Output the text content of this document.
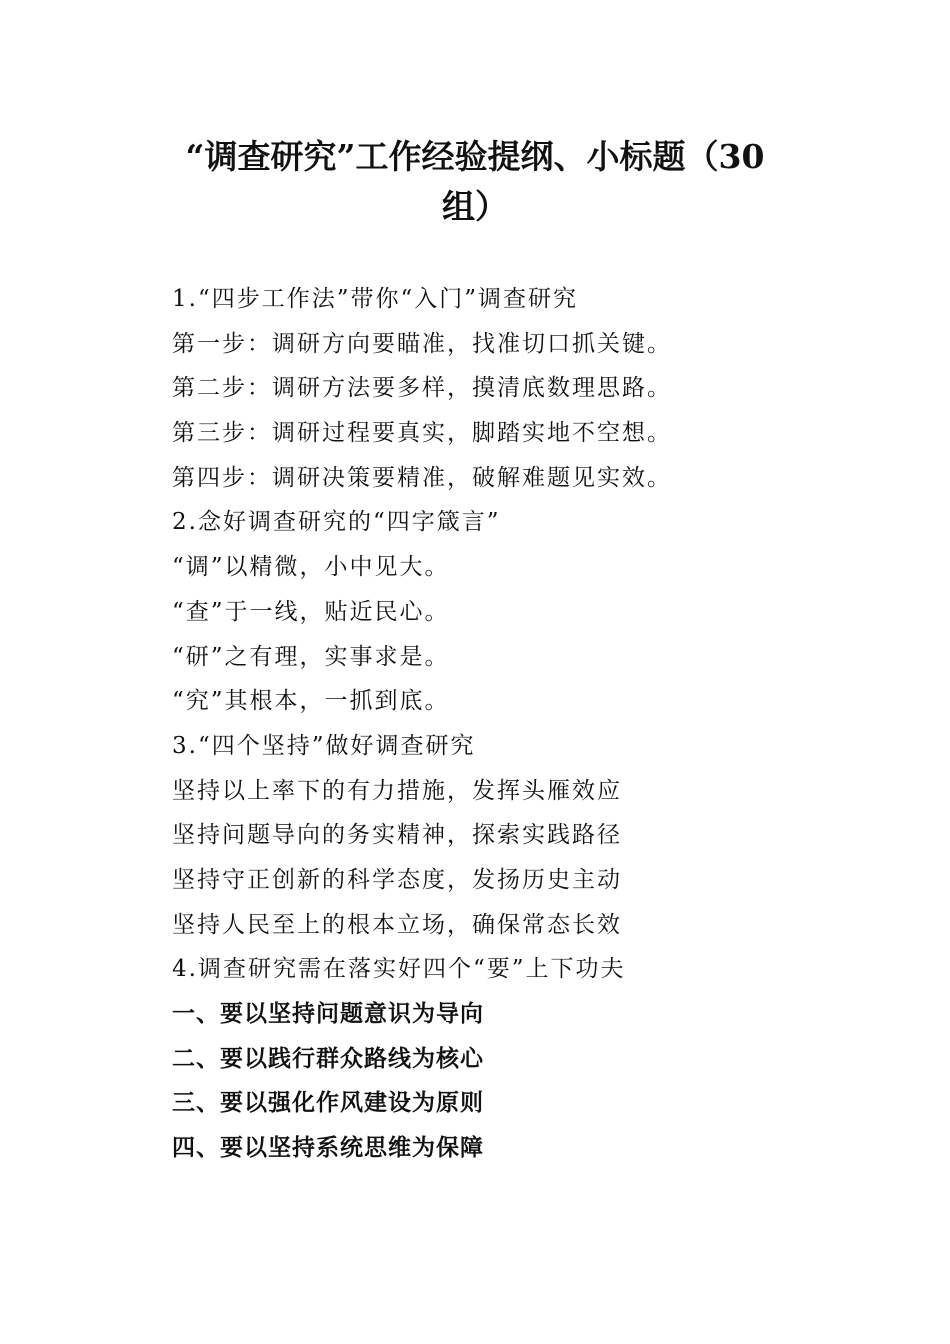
“调查研究”工作经验提纲、小标题（30
组）
1.“四步工作法”带你“入门”调查研究
第一步：调研方向要瞄准，找准切口抓关键。
第二步：调研方法要多样，摸清底数理思路。
第三步：调研过程要真实，脚踏实地不空想。
第四步：调研决策要精准，破解难题见实效。
2.念好调查研究的“四字箴言”
“调”以精微，小中见大。
“查”于一线，贴近民心。
“研”之有理，实事求是。
“究”其根本，一抓到底。
3.“四个坚持”做好调查研究
坚持以上率下的有力措施，发挥头雁效应
坚持问题导向的务实精神，探索实践路径
坚持守正创新的科学态度，发扬历史主动
坚持人民至上的根本立场，确保常态长效
4.调查研究需在落实好四个“要”上下功夫
一、要以坚持问题意识为导向
二、要以践行群众路线为核心
三、要以强化作风建设为原则
四、要以坚持系统思维为保障
